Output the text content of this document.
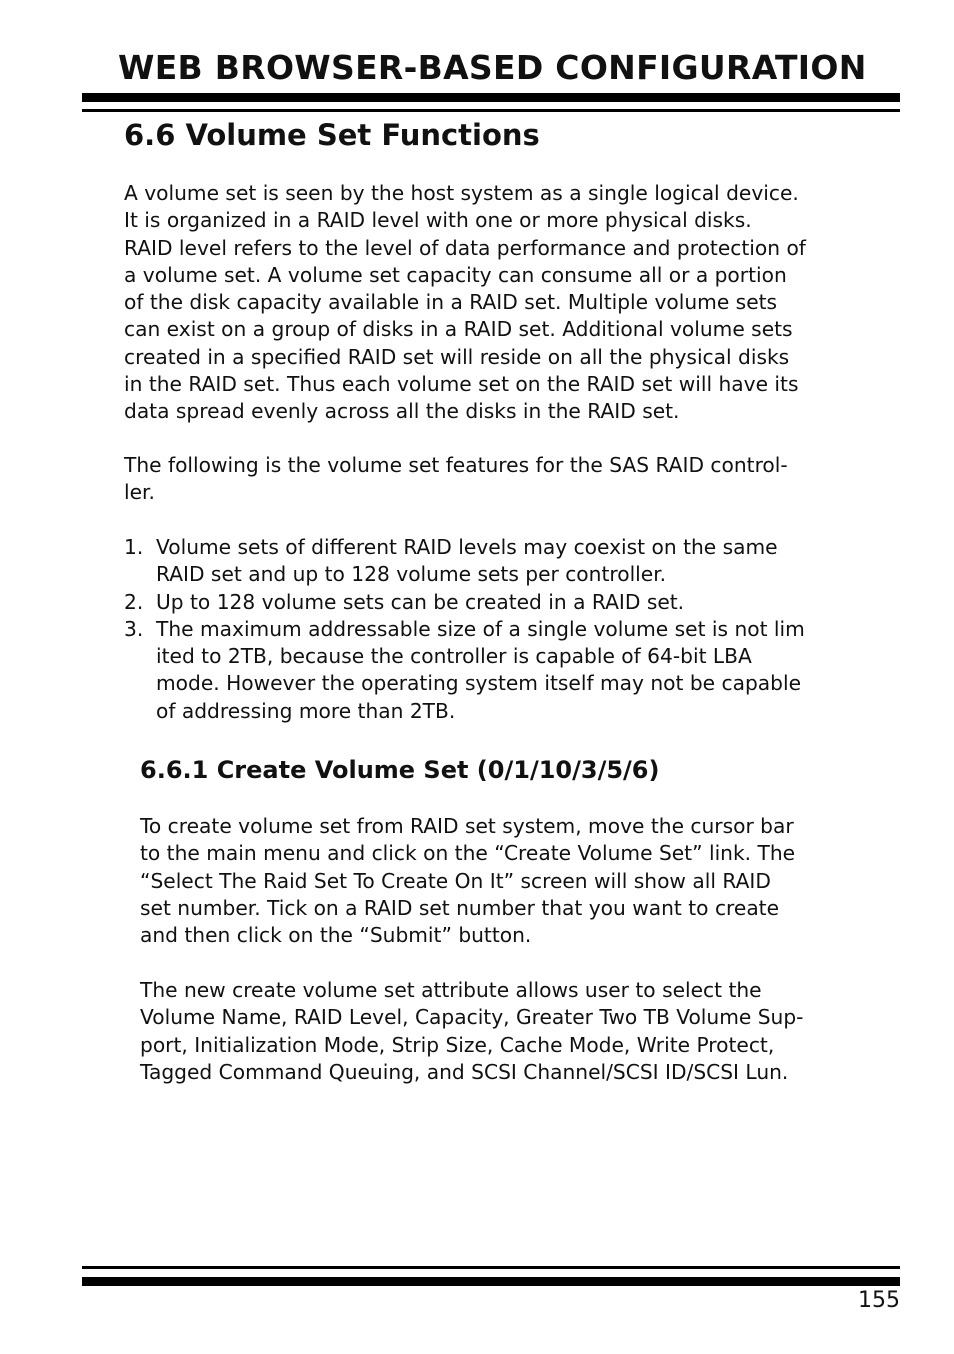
WEB BROWSER-BASED CONFIGURATION
6.6 Volume Set Functions
A volume set is seen by the host system as a single logical device.
It is organized in a RAID level with one or more physical disks.
RAID level refers to the level of data performance and protection of
a volume set. A volume set capacity can consume all or a portion
of the disk capacity available in a RAID set. Multiple volume sets
can exist on a group of disks in a RAID set. Additional volume sets
created in a specified RAID set will reside on all the physical disks
in the RAID set. Thus each volume set on the RAID set will have its
data spread evenly across all the disks in the RAID set.
The following is the volume set features for the SAS RAID control-
ler.
1. Volume sets of different RAID levels may coexist on the same
RAID set and up to 128 volume sets per controller.
2. Up to 128 volume sets can be created in a RAID set.
3. The maximum addressable size of a single volume set is not lim
ited to 2TB, because the controller is capable of 64-bit LBA
mode. However the operating system itself may not be capable
of addressing more than 2TB.
6.6.1 Create Volume Set (0/1/10/3/5/6)
To create volume set from RAID set system, move the cursor bar
to the main menu and click on the “Create Volume Set” link. The
“Select The Raid Set To Create On It” screen will show all RAID
set number. Tick on a RAID set number that you want to create
and then click on the “Submit” button.
The new create volume set attribute allows user to select the
Volume Name, RAID Level, Capacity, Greater Two TB Volume Sup-
port, Initialization Mode, Strip Size, Cache Mode, Write Protect,
Tagged Command Queuing, and SCSI Channel/SCSI ID/SCSI Lun.
155
